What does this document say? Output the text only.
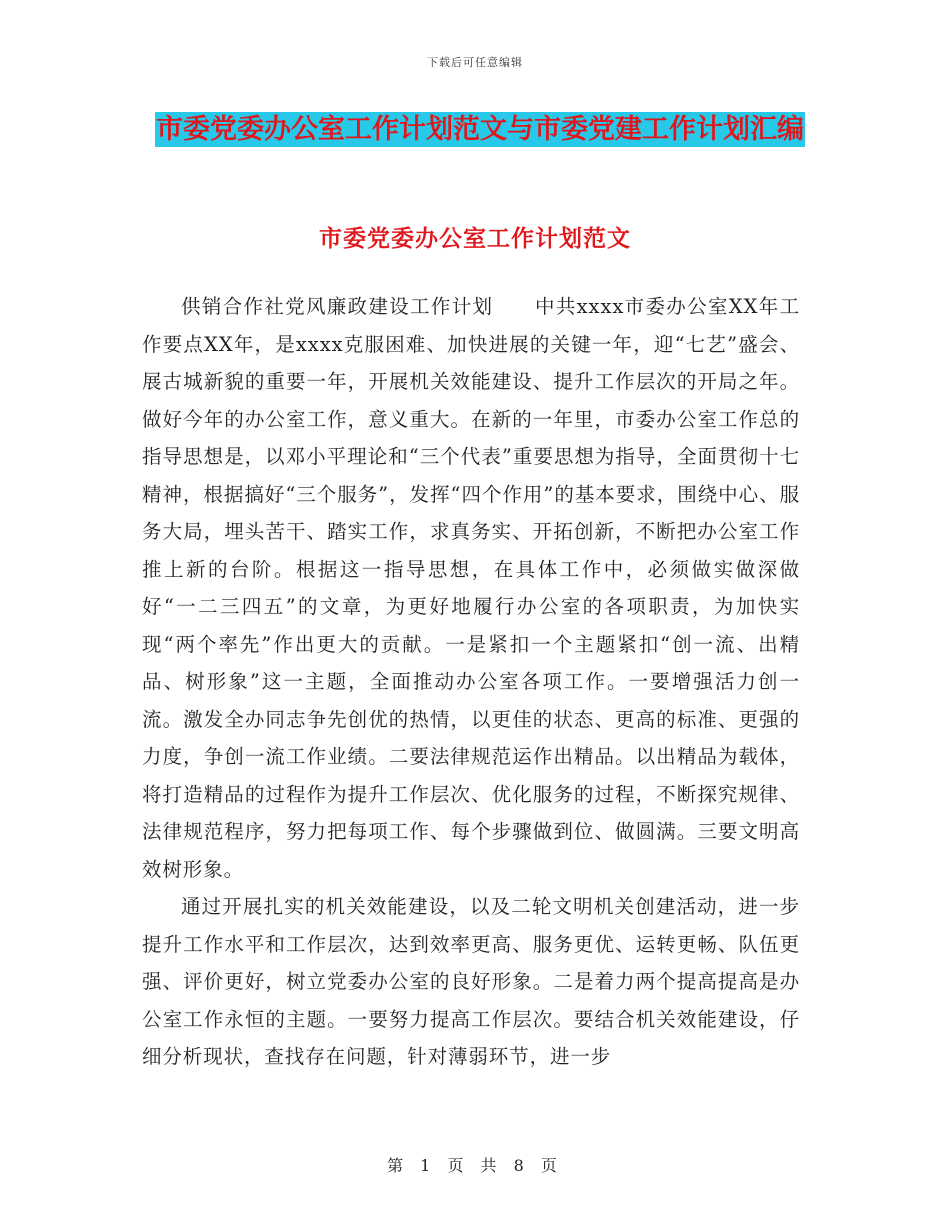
下载后可任意编辑
市委党委办公室工作计划范文与市委党建工作计划汇编
市委党委办公室工作计划范文

供销合作社党风廉政建设工作计划　　中共xxxx市委办公室XX年工作要点XX年，是xxxx克服困难、加快进展的关键一年，迎“七艺”盛会、展古城新貌的重要一年，开展机关效能建设、提升工作层次的开局之年。做好今年的办公室工作，意义重大。在新的一年里，市委办公室工作总的指导思想是，以邓小平理论和“三个代表”重要思想为指导，全面贯彻十七精神，根据搞好“三个服务”，发挥“四个作用”的基本要求，围绕中心、服务大局，埋头苦干、踏实工作，求真务实、开拓创新，不断把办公室工作推上新的台阶。根据这一指导思想，在具体工作中，必须做实做深做好“一二三四五”的文章，为更好地履行办公室的各项职责，为加快实现“两个率先”作出更大的贡献。一是紧扣一个主题紧扣“创一流、出精品、树形象”这一主题，全面推动办公室各项工作。一要增强活力创一流。激发全办同志争先创优的热情，以更佳的状态、更高的标准、更强的力度，争创一流工作业绩。二要法律规范运作出精品。以出精品为载体，将打造精品的过程作为提升工作层次、优化服务的过程，不断探究规律、法律规范程序，努力把每项工作、每个步骤做到位、做圆满。三要文明高效树形象。

通过开展扎实的机关效能建设，以及二轮文明机关创建活动，进一步提升工作水平和工作层次，达到效率更高、服务更优、运转更畅、队伍更强、评价更好，树立党委办公室的良好形象。二是着力两个提高提高是办公室工作永恒的主题。一要努力提高工作层次。要结合机关效能建设，仔细分析现状，查找存在问题，针对薄弱环节，进一步

第 1 页 共 8 页
